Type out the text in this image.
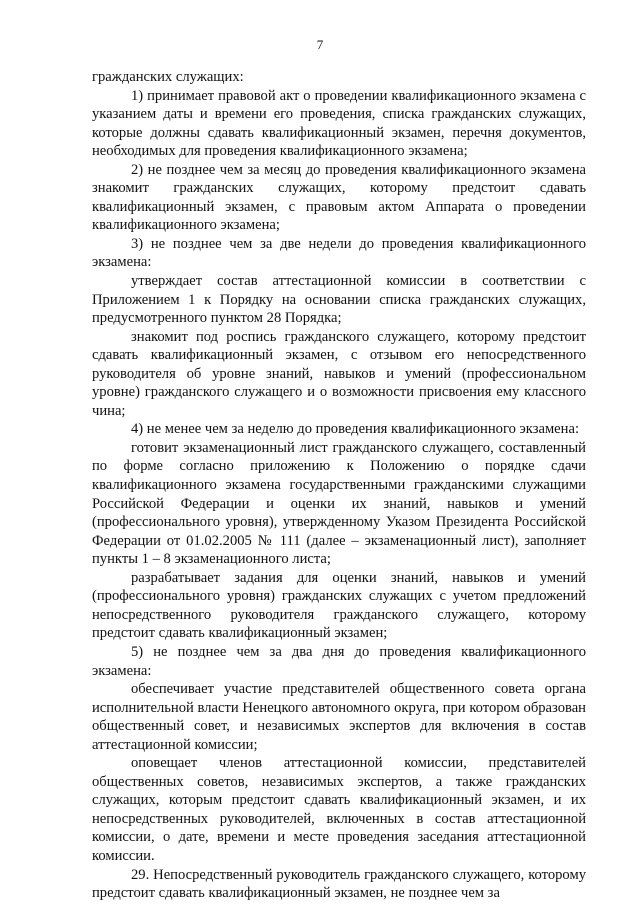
7

гражданских служащих:

1) принимает правовой акт о проведении квалификационного экзамена с указанием даты и времени его проведения, списка гражданских служащих, которые должны сдавать квалификационный экзамен, перечня документов, необходимых для проведения квалификационного экзамена;

2) не позднее чем за месяц до проведения квалификационного экзамена знакомит гражданских служащих, которому предстоит сдавать квалификационный экзамен, с правовым актом Аппарата о проведении квалификационного экзамена;

3) не позднее чем за две недели до проведения квалификационного экзамена:

утверждает состав аттестационной комиссии в соответствии с Приложением 1 к Порядку на основании списка гражданских служащих, предусмотренного пунктом 28 Порядка;

знакомит под роспись гражданского служащего, которому предстоит сдавать квалификационный экзамен, с отзывом его непосредственного руководителя об уровне знаний, навыков и умений (профессиональном уровне) гражданского служащего и о возможности присвоения ему классного чина;

4) не менее чем за неделю до проведения квалификационного экзамена:

готовит экзаменационный лист гражданского служащего, составленный по форме согласно приложению к Положению о порядке сдачи квалификационного экзамена государственными гражданскими служащими Российской Федерации и оценки их знаний, навыков и умений (профессионального уровня), утвержденному Указом Президента Российской Федерации от 01.02.2005 № 111 (далее – экзаменационный лист), заполняет пункты 1 – 8 экзаменационного листа;

разрабатывает задания для оценки знаний, навыков и умений (профессионального уровня) гражданских служащих с учетом предложений непосредственного руководителя гражданского служащего, которому предстоит сдавать квалификационный экзамен;

5) не позднее чем за два дня до проведения квалификационного экзамена:

обеспечивает участие представителей общественного совета органа исполнительной власти Ненецкого автономного округа, при котором образован общественный совет, и независимых экспертов для включения в состав аттестационной комиссии;

оповещает членов аттестационной комиссии, представителей общественных советов, независимых экспертов, а также гражданских служащих, которым предстоит сдавать квалификационный экзамен, и их непосредственных руководителей, включенных в состав аттестационной комиссии, о дате, времени и месте проведения заседания аттестационной комиссии.

29. Непосредственный руководитель гражданского служащего, которому предстоит сдавать квалификационный экзамен, не позднее чем за
